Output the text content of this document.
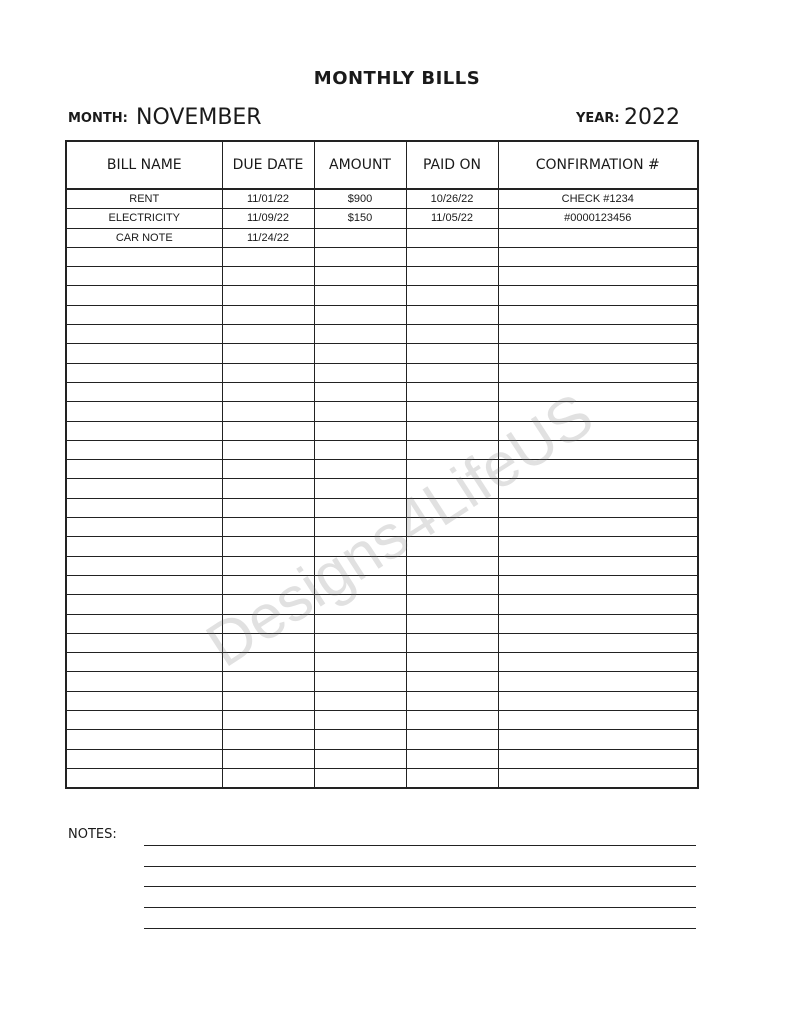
MONTHLY BILLS
MONTH: NOVEMBER	YEAR: 2022
BILL NAME	DUE DATE	AMOUNT	PAID ON	CONFIRMATION #
RENT	11/01/22	$900	10/26/22	CHECK #1234
ELECTRICITY	11/09/22	$150	11/05/22	#0000123456
CAR NOTE	11/24/22			

NOTES:
Designs4LifeUS
